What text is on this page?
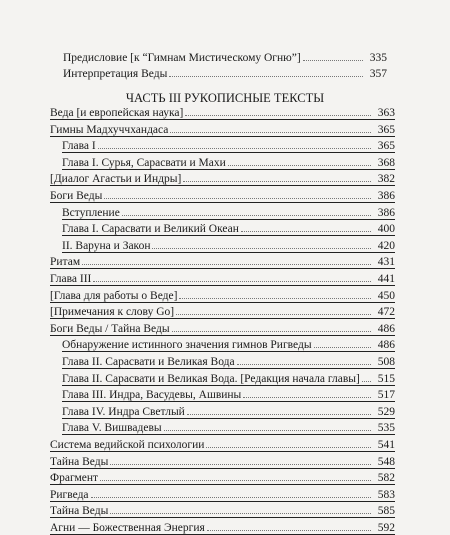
Предисловие [к “Гимнам Мистическому Огню”]	335
Интерпретация Веды	357
ЧАСТЬ III РУКОПИСНЫЕ ТЕКСТЫ
Веда [и европейская наука]	363
Гимны Мадхуччхандаса	365
Глава I	365
Глава I. Сурья, Сарасвати и Махи	368
[Диалог Агастьи и Индры]	382
Боги Веды	386
Вступление	386
Глава I. Сарасвати и Великий Океан	400
II. Варуна и Закон	420
Ритам	431
Глава III	441
[Глава для работы о Веде]	450
[Примечания к слову Go]	472
Боги Веды / Тайна Веды	486
Обнаружение истинного значения гимнов Ригведы	486
Глава II. Сарасвати и Великая Вода	508
Глава II. Сарасвати и Великая Вода. [Редакция начала главы]	515
Глава III. Индра, Васудевы, Ашвины	517
Глава IV. Индра Светлый	529
Глава V. Вишвадевы	535
Система ведийской психологии	541
Тайна Веды	548
Фрагмент	582
Ригведа	583
Тайна Веды	585
Агни — Божественная Энергия	592
